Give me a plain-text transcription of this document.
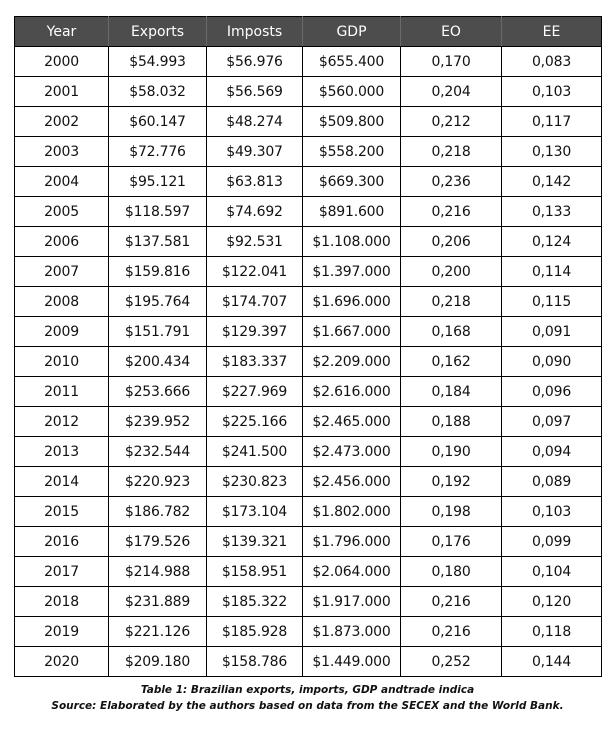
Year	Exports	Imposts	GDP	EO	EE
2000	$54.993	$56.976	$655.400	0,170	0,083
2001	$58.032	$56.569	$560.000	0,204	0,103
2002	$60.147	$48.274	$509.800	0,212	0,117
2003	$72.776	$49.307	$558.200	0,218	0,130
2004	$95.121	$63.813	$669.300	0,236	0,142
2005	$118.597	$74.692	$891.600	0,216	0,133
2006	$137.581	$92.531	$1.108.000	0,206	0,124
2007	$159.816	$122.041	$1.397.000	0,200	0,114
2008	$195.764	$174.707	$1.696.000	0,218	0,115
2009	$151.791	$129.397	$1.667.000	0,168	0,091
2010	$200.434	$183.337	$2.209.000	0,162	0,090
2011	$253.666	$227.969	$2.616.000	0,184	0,096
2012	$239.952	$225.166	$2.465.000	0,188	0,097
2013	$232.544	$241.500	$2.473.000	0,190	0,094
2014	$220.923	$230.823	$2.456.000	0,192	0,089
2015	$186.782	$173.104	$1.802.000	0,198	0,103
2016	$179.526	$139.321	$1.796.000	0,176	0,099
2017	$214.988	$158.951	$2.064.000	0,180	0,104
2018	$231.889	$185.322	$1.917.000	0,216	0,120
2019	$221.126	$185.928	$1.873.000	0,216	0,118
2020	$209.180	$158.786	$1.449.000	0,252	0,144
Table 1: Brazilian exports, imports, GDP andtrade indica
Source: Elaborated by the authors based on data from the SECEX and the World Bank.
